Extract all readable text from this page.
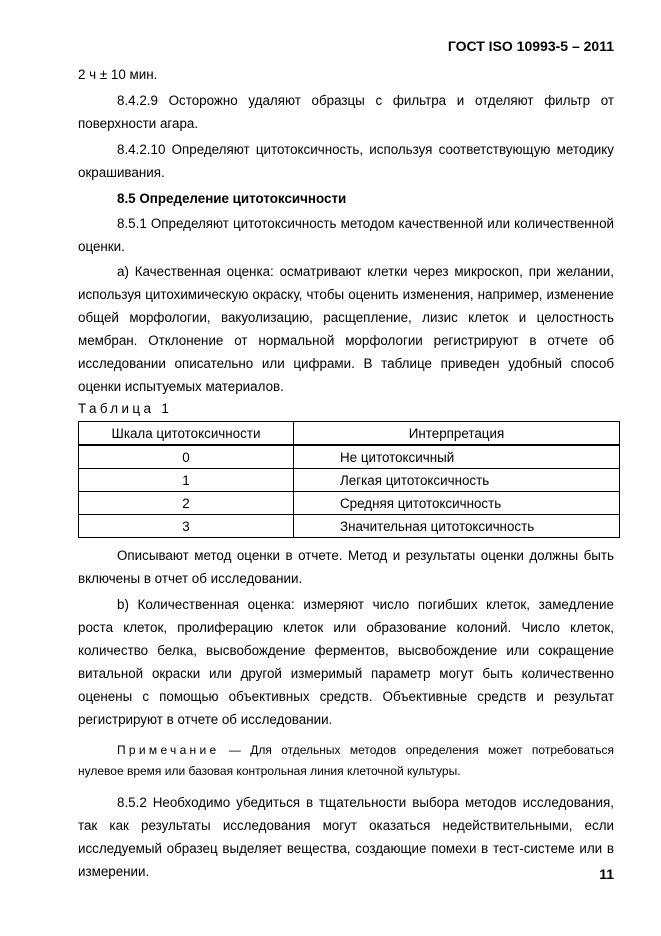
ГОСТ ISO 10993-5 – 2011

2 ч ± 10 мин.

8.4.2.9 Осторожно удаляют образцы с фильтра и отделяют фильтр от поверхности агара.

8.4.2.10 Определяют цитотоксичность, используя соответствующую методику окрашивания.

8.5 Определение цитотоксичности

8.5.1 Определяют цитотоксичность методом качественной или количественной оценки.

а) Качественная оценка: осматривают клетки через микроскоп, при желании, используя цитохимическую окраску, чтобы оценить изменения, например, изменение общей морфологии, вакуолизацию, расщепление, лизис клеток и целостность мембран. Отклонение от нормальной морфологии регистрируют в отчете об исследовании описательно или цифрами. В таблице приведен удобный способ оценки испытуемых материалов.

Таблица 1

Шкала цитотоксичности	Интерпретация
0	Не цитотоксичный
1	Легкая цитотоксичность
2	Средняя цитотоксичность
3	Значительная цитотоксичность

Описывают метод оценки в отчете. Метод и результаты оценки должны быть включены в отчет об исследовании.

b) Количественная оценка: измеряют число погибших клеток, замедление роста клеток, пролиферацию клеток или образование колоний. Число клеток, количество белка, высвобождение ферментов, высвобождение или сокращение витальной окраски или другой измеримый параметр могут быть количественно оценены с помощью объективных средств. Объективные средств и результат регистрируют в отчете об исследовании.

Примечание — Для отдельных методов определения может потребоваться нулевое время или базовая контрольная линия клеточной культуры.

8.5.2 Необходимо убедиться в тщательности выбора методов исследования, так как результаты исследования могут оказаться недействительными, если исследуемый образец выделяет вещества, создающие помехи в тест-системе или в измерении.	11
